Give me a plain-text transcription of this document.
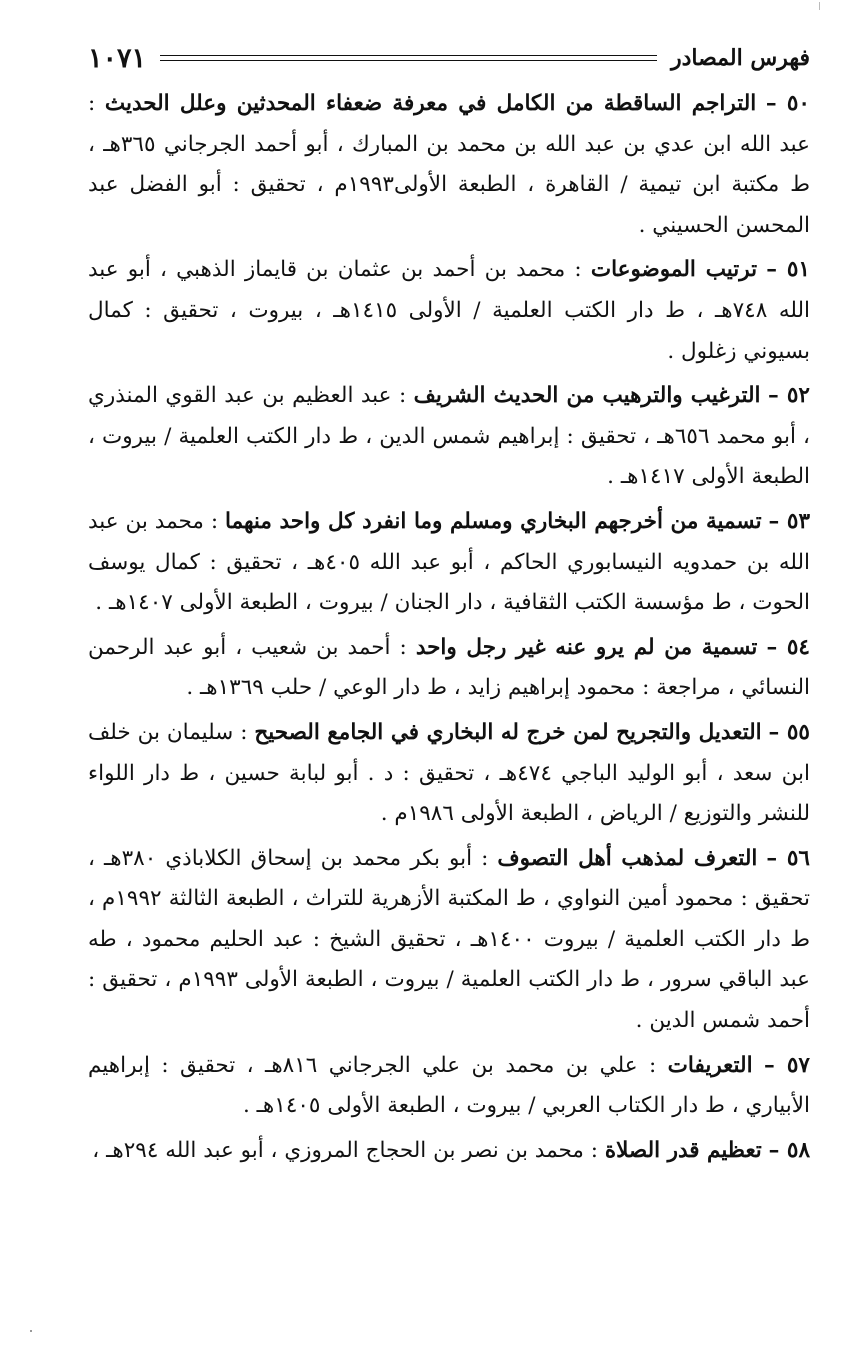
فهرس المصادر
١٠٧١

٥٠ – التراجم الساقطة من الكامل في معرفة ضعفاء المحدثين وعلل الحديث : عبد الله ابن عدي بن عبد الله بن محمد بن المبارك ، أبو أحمد الجرجاني ٣٦٥هـ ، ط مكتبة ابن تيمية / القاهرة ، الطبعة الأولى١٩٩٣م ، تحقيق : أبو الفضل عبد المحسن الحسيني .

٥١ – ترتيب الموضوعات : محمد بن أحمد بن عثمان بن قايماز الذهبي ، أبو عبد الله ٧٤٨هـ ، ط دار الكتب العلمية / الأولى ١٤١٥هـ ، بيروت ، تحقيق : كمال بسيوني زغلول .

٥٢ – الترغيب والترهيب من الحديث الشريف : عبد العظيم بن عبد القوي المنذري ، أبو محمد ٦٥٦هـ ، تحقيق : إبراهيم شمس الدين ، ط دار الكتب العلمية / بيروت ، الطبعة الأولى ١٤١٧هـ .

٥٣ – تسمية من أخرجهم البخاري ومسلم وما انفرد كل واحد منهما : محمد بن عبد الله بن حمدويه النيسابوري الحاكم ، أبو عبد الله ٤٠٥هـ ، تحقيق : كمال يوسف الحوت ، ط مؤسسة الكتب الثقافية ، دار الجنان / بيروت ، الطبعة الأولى ١٤٠٧هـ .

٥٤ – تسمية من لم يرو عنه غير رجل واحد : أحمد بن شعيب ، أبو عبد الرحمن النسائي ، مراجعة : محمود إبراهيم زايد ، ط دار الوعي / حلب ١٣٦٩هـ .

٥٥ – التعديل والتجريح لمن خرج له البخاري في الجامع الصحيح : سليمان بن خلف ابن سعد ، أبو الوليد الباجي ٤٧٤هـ ، تحقيق : د . أبو لبابة حسين ، ط دار اللواء للنشر والتوزيع / الرياض ، الطبعة الأولى ١٩٨٦م .

٥٦ – التعرف لمذهب أهل التصوف : أبو بكر محمد بن إسحاق الكلاباذي ٣٨٠هـ ، تحقيق : محمود أمين النواوي ، ط المكتبة الأزهرية للتراث ، الطبعة الثالثة ١٩٩٢م ، ط دار الكتب العلمية / بيروت ١٤٠٠هـ ، تحقيق الشيخ : عبد الحليم محمود ، طه عبد الباقي سرور ، ط دار الكتب العلمية / بيروت ، الطبعة الأولى ١٩٩٣م ، تحقيق : أحمد شمس الدين .

٥٧ – التعريفات : علي بن محمد بن علي الجرجاني ٨١٦هـ ، تحقيق : إبراهيم الأبياري ، ط دار الكتاب العربي / بيروت ، الطبعة الأولى ١٤٠٥هـ .

٥٨ – تعظيم قدر الصلاة : محمد بن نصر بن الحجاج المروزي ، أبو عبد الله ٢٩٤هـ ،
